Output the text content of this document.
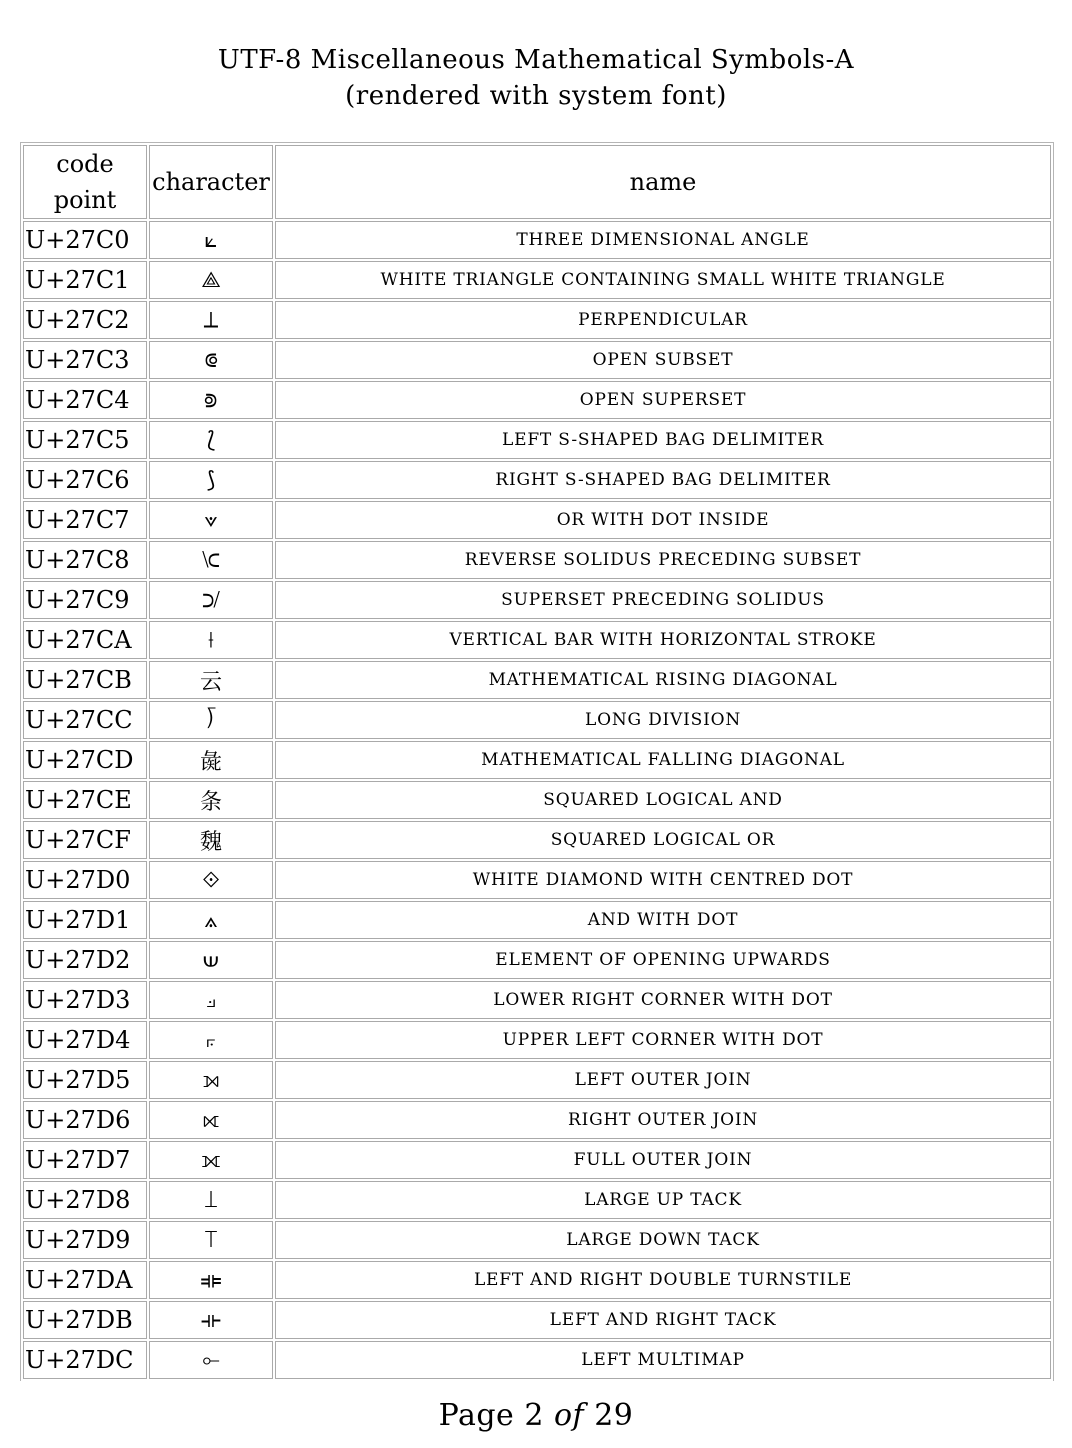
UTF-8 Miscellaneous Mathematical Symbols-A
(rendered with system font)
code
point	character	name
U+27C0	⟀	THREE DIMENSIONAL ANGLE
U+27C1	⟁	WHITE TRIANGLE CONTAINING SMALL WHITE TRIANGLE
U+27C2	⟂	PERPENDICULAR
U+27C3	⟃	OPEN SUBSET
U+27C4	⟄	OPEN SUPERSET
U+27C5	⟅	LEFT S-SHAPED BAG DELIMITER
U+27C6	⟆	RIGHT S-SHAPED BAG DELIMITER
U+27C7	⟇	OR WITH DOT INSIDE
U+27C8	⟈	REVERSE SOLIDUS PRECEDING SUBSET
U+27C9	⟉	SUPERSET PRECEDING SOLIDUS
U+27CA	⟊	VERTICAL BAR WITH HORIZONTAL STROKE
U+27CB	云	MATHEMATICAL RISING DIAGONAL
U+27CC	⟌	LONG DIVISION
U+27CD	彘	MATHEMATICAL FALLING DIAGONAL
U+27CE	条	SQUARED LOGICAL AND
U+27CF	魏	SQUARED LOGICAL OR
U+27D0	⟐	WHITE DIAMOND WITH CENTRED DOT
U+27D1	⟑	AND WITH DOT
U+27D2	⟒	ELEMENT OF OPENING UPWARDS
U+27D3	⟓	LOWER RIGHT CORNER WITH DOT
U+27D4	⟔	UPPER LEFT CORNER WITH DOT
U+27D5	⟕	LEFT OUTER JOIN
U+27D6	⟖	RIGHT OUTER JOIN
U+27D7	⟗	FULL OUTER JOIN
U+27D8	⟘	LARGE UP TACK
U+27D9	⟙	LARGE DOWN TACK
U+27DA	⟚	LEFT AND RIGHT DOUBLE TURNSTILE
U+27DB	⟛	LEFT AND RIGHT TACK
U+27DC	⟜	LEFT MULTIMAP
Page 2 of 29
